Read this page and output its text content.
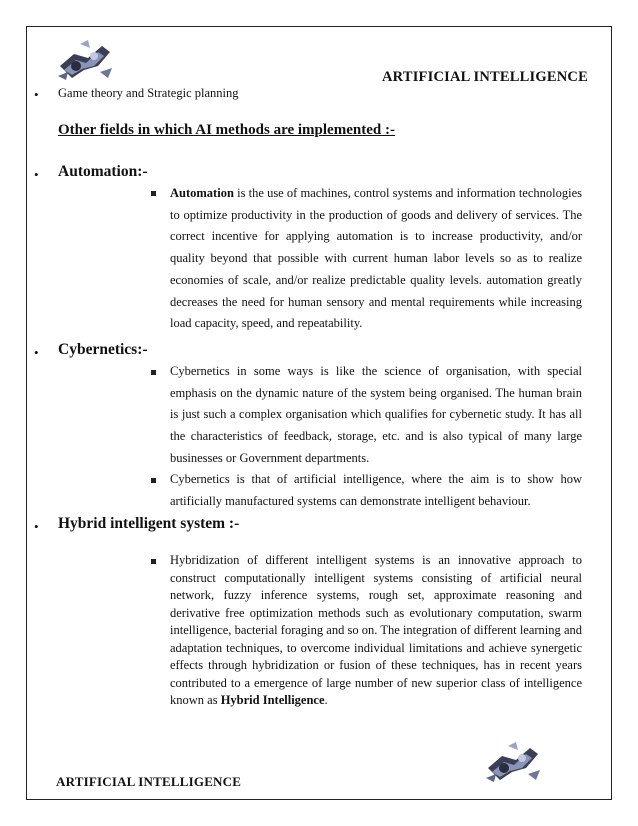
ARTIFICIAL INTELLIGENCE
• Game theory and Strategic planning
Other fields in which AI methods are implemented :-
• Automation:-
Automation is the use of machines, control systems and information technologies to optimize productivity in the production of goods and delivery of services. The correct incentive for applying automation is to increase productivity, and/or quality beyond that possible with current human labor levels so as to realize economies of scale, and/or realize predictable quality levels. automation greatly decreases the need for human sensory and mental requirements while increasing load capacity, speed, and repeatability.
• Cybernetics:-
Cybernetics in some ways is like the science of organisation, with special emphasis on the dynamic nature of the system being organised. The human brain is just such a complex organisation which qualifies for cybernetic study. It has all the characteristics of feedback, storage, etc. and is also typical of many large businesses or Government departments.
Cybernetics is that of artificial intelligence, where the aim is to show how artificially manufactured systems can demonstrate intelligent behaviour.
• Hybrid intelligent system :-
Hybridization of different intelligent systems is an innovative approach to construct computationally intelligent systems consisting of artificial neural network, fuzzy inference systems, rough set, approximate reasoning and derivative free optimization methods such as evolutionary computation, swarm intelligence, bacterial foraging and so on. The integration of different learning and adaptation techniques, to overcome individual limitations and achieve synergetic effects through hybridization or fusion of these techniques, has in recent years contributed to a emergence of large number of new superior class of intelligence known as Hybrid Intelligence.
ARTIFICIAL INTELLIGENCE
